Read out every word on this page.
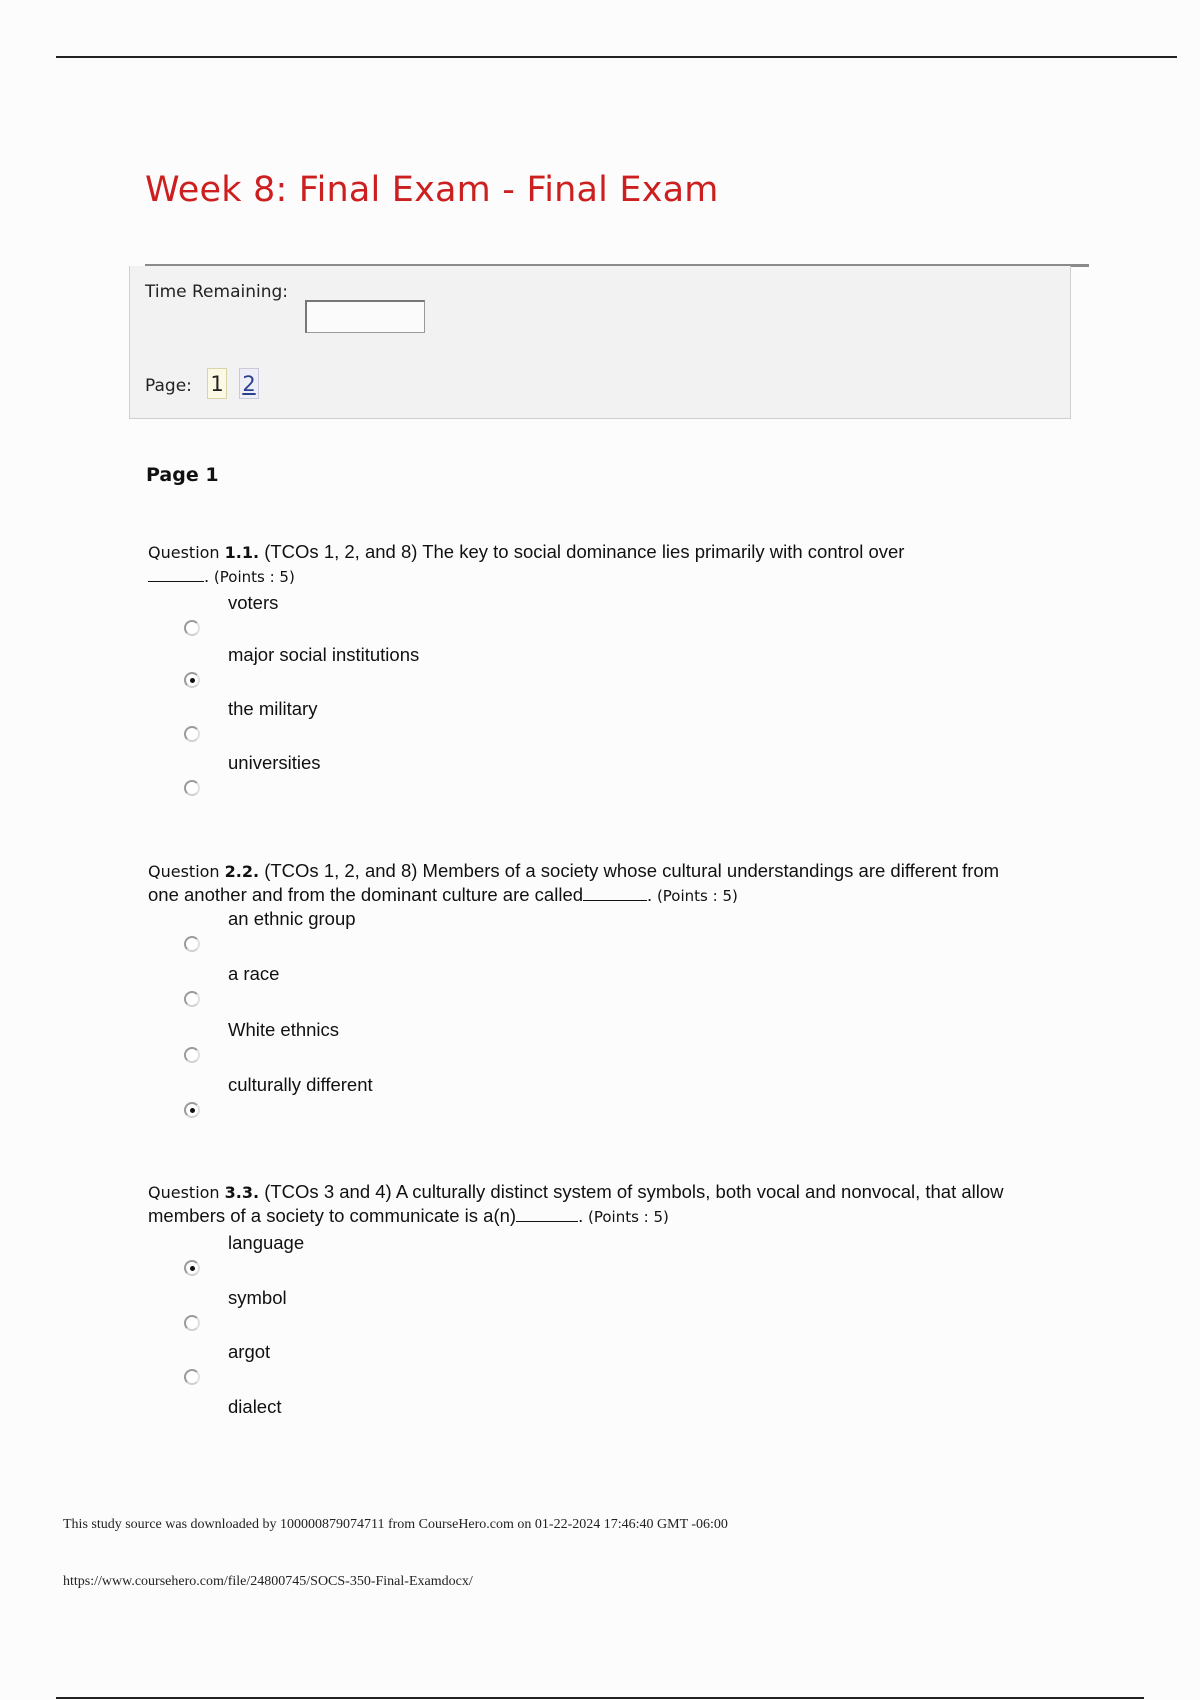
Week 8: Final Exam - Final Exam
Time Remaining:
Page: 1 2
Page 1
Question 1.1. (TCOs 1, 2, and 8) The key to social dominance lies primarily with control over
. (Points : 5)
voters
major social institutions
the military
universities
Question 2.2. (TCOs 1, 2, and 8) Members of a society whose cultural understandings are different from one another and from the dominant culture are called	. (Points : 5)
an ethnic group
a race
White ethnics
culturally different
Question 3.3. (TCOs 3 and 4) A culturally distinct system of symbols, both vocal and nonvocal, that allow members of a society to communicate is a(n)	. (Points : 5)
language
symbol
argot
dialect
This study source was downloaded by 100000879074711 from CourseHero.com on 01-22-2024 17:46:40 GMT -06:00
https://www.coursehero.com/file/24800745/SOCS-350-Final-Examdocx/
